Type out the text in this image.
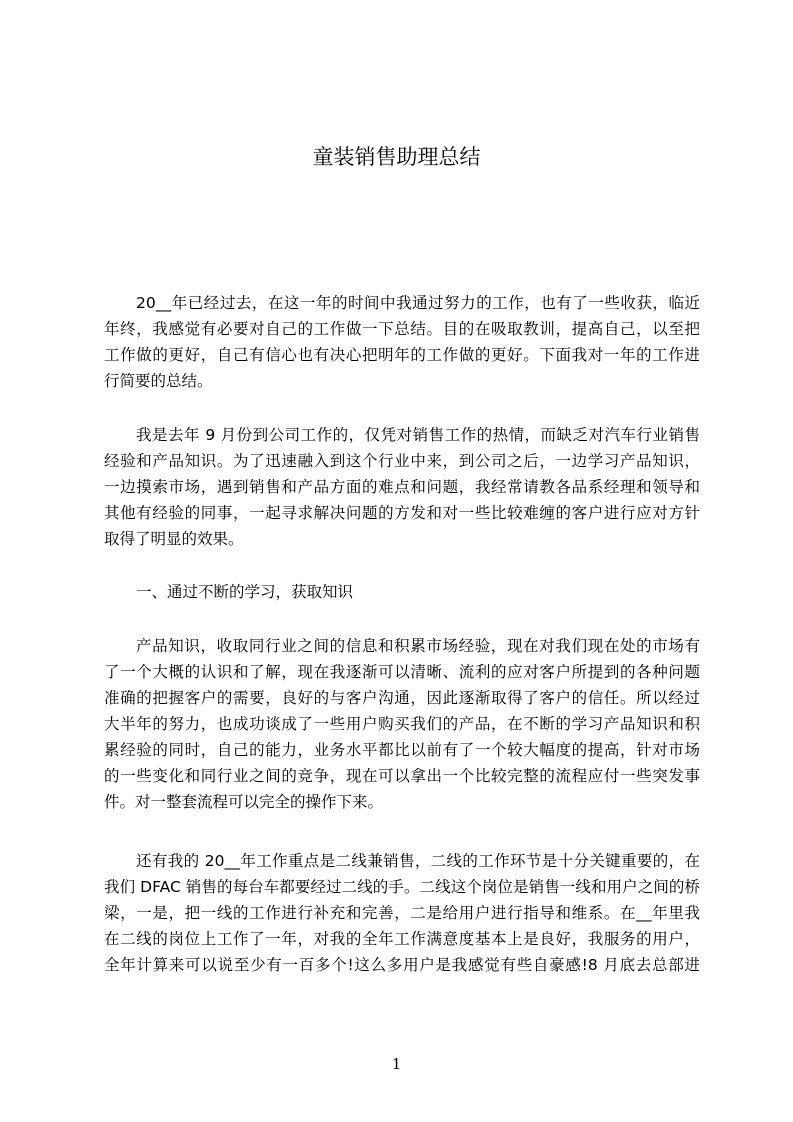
童装销售助理总结

20__年已经过去，在这一年的时间中我通过努力的工作，也有了一些收获，临近

年终，我感觉有必要对自己的工作做一下总结。目的在吸取教训，提高自己，以至把

工作做的更好，自己有信心也有决心把明年的工作做的更好。下面我对一年的工作进

行简要的总结。

我是去年 9 月份到公司工作的，仅凭对销售工作的热情，而缺乏对汽车行业销售

经验和产品知识。为了迅速融入到这个行业中来，到公司之后，一边学习产品知识，

一边摸索市场，遇到销售和产品方面的难点和问题，我经常请教各品系经理和领导和

其他有经验的同事，一起寻求解决问题的方发和对一些比较难缠的客户进行应对方针

取得了明显的效果。

一、通过不断的学习，获取知识

产品知识，收取同行业之间的信息和积累市场经验，现在对我们现在处的市场有

了一个大概的认识和了解，现在我逐渐可以清晰、流利的应对客户所提到的各种问题

准确的把握客户的需要，良好的与客户沟通，因此逐渐取得了客户的信任。所以经过

大半年的努力，也成功谈成了一些用户购买我们的产品，在不断的学习产品知识和积

累经验的同时，自己的能力，业务水平都比以前有了一个较大幅度的提高，针对市场

的一些变化和同行业之间的竞争，现在可以拿出一个比较完整的流程应付一些突发事

件。对一整套流程可以完全的操作下来。

还有我的 20__年工作重点是二线兼销售，二线的工作环节是十分关键重要的，在

我们 DFAC 销售的每台车都要经过二线的手。二线这个岗位是销售一线和用户之间的桥

梁，一是，把一线的工作进行补充和完善，二是给用户进行指导和维系。在__年里我

在二线的岗位上工作了一年，对我的全年工作满意度基本上是良好，我服务的用户，

全年计算来可以说至少有一百多个!这么多用户是我感觉有些自豪感!8 月底去总部进

1
